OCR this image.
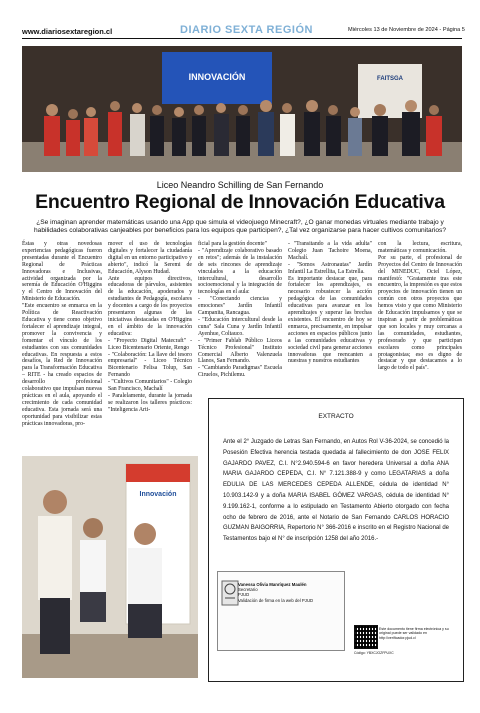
www.diariosextaregion.cl	DIARIO SEXTA REGIÓN	Miércoles 13 de Noviembre de 2024 - Página 5
INNOVACIÓN	FAITSGA
Liceo Neandro Schilling de San Fernando
Encuentro Regional de Innovación Educativa
¿Se imaginan aprender matemáticas usando una App que simula el videojuego Minecraft?, ¿O ganar monedas virtuales mediante trabajo y habilidades colaborativas canjeables por beneficios para los equipos que participen?, ¿Tal vez organizarse para hacer cultivos comunitarios?

Éstas y otras novedosas experiencias pedagógicas fueron presentadas durante el Encuentro Regional de Prácticas Innovadoras e Inclusivas, actividad organizada por la seremía de Educación O'Higgins y el Centro de Innovación del Ministerio de Educación.
"Este encuentro se enmarca en la Política de Reactivación Educativa y tiene como objetivo fortalecer el aprendizaje integral, promover la convivencia y fomentar el vínculo de los estudiantes con sus comunidades educativas. En respuesta a estos desafíos, la Red de Innovación para la Transformación Educativa – RITE - ha creado espacios de desarrollo profesional colaborativo que impulsan nuevas prácticas en el aula, apoyando el crecimiento de cada comunidad educativa. Esta jornada será una oportunidad para visibilizar estas prácticas innovadoras, pro-

mover el uso de tecnologías digitales y fortalecer la ciudadanía digital en un entorno participativo y abierto", indicó la Seremi de Educación, Alyson Hudad.
Ante equipos directivos, educadoras de párvulos, asistentes de la educación, apoderados y estudiantes de Pedagogía, escolares y docentes a cargo de los proyectos presentaron algunas de las iniciativas destacadas en O'Higgins en el ámbito de la innovación educativa:
- "Proyecto Digital Matecraft" - Liceo Bicentenario Oriente, Rengo
- "Colaboración: La llave del tesoro empresarial" - Liceo Técnico Bicentenario Felisa Tolup, San Fernando
- "Cultivos Comunitarios" - Colegio San Francisco, Machalí
- Paralelamente, durante la jornada se realizaron los talleres prácticos: "Inteligencia Arti-

ficial para la gestión docente"
- "Aprendizaje colaborativo basado en retos"; además de la instalación de seis rincones de aprendizaje vinculados a la educación intercultural, desarrollo socioemocional y la integración de tecnologías en el aula:
- "Conectando ciencias y emociones" Jardín Infantil Campanita, Rancagua.
- "Educación intercultural desde la cuna" Sala Cuna y Jardín Infantil Ayenhue, Coltauco.
- "Primer Fablab Público Liceos Técnico Profesional" Instituto Comercial Alberto Valenzuela Llanos, San Fernando.
- "Cambiando Paradigmas" Escuela Ciruelos, Pichilemu.

- "Transitando a la vida adulta" Colegio Juan Tachoire Moena, Machalí.
- "Somos Astronautas" Jardín Infantil La Estrellita, La Estrella.
Es importante destacar que, para fortalecer los aprendizajes, es necesario robustecer la acción pedagógica de las comunidades educativas para avanzar en los aprendizajes y superar las brechas existentes. El encuentro de hoy se enmarca, precisamente, en impulsar acciones en espacios públicos junto a las comunidades educativas y sociedad civil para generar acciones innovadoras que reencanten a nuestras y nuestros estudiantes

con la lectura, escritura, matemáticas y comunicación.
Por su parte, el profesional de Proyectos del Centro de Innovación del MINEDUC, Ociel López, manifestó: "Gratamente tras este encuentro, la impresión es que estos proyectos de innovación tienen un común con otros proyectos que hemos visto y que como Ministerio de Educación impulsamos y que se inspiran a partir de problemáticas que son locales y muy cercanas a las comunidades, estudiantes, profesorado y que participan escolares como principales protagonistas; eso es digno de destacar y que destacamos a lo largo de todo el país".

Innovación
EXTRACTO
Ante el 2° Juzgado de Letras San Fernando, en Autos Rol V-36-2024, se concedió la Posesión Efectiva herencia testada quedada al fallecimiento de don JOSE FELIX GAJARDO PAVEZ, C.I. N°2.940.594-6 en favor heredera Universal a doña ANA MARIA GAJARDO CEPEDA, C.I. N° 7.121.388-9 y como LEGATARIAS a doña EDULIA DE LAS MERCEDES CEPEDA ALLENDE, cédula de identidad N° 10.903.142-9 y a doña MARIA ISABEL GÓMEZ VARGAS, cédula de identidad N° 9.199.162-1, conforme a lo estipulado en Testamento Abierto otorgado con fecha ocho de febrero de 2016, ante el Notario de San Fernando CARLOS HORACIO GUZMAN BAIGORRIA, Repertorio N° 366-2016 e inscrito en el Registro Nacional de Testamentos bajo el N° de inscripción 1258 del año 2016.-
Vanessa Olivia Manríquez Maulén
Secretario
PJUD
Validación de firma en la web del PJUD
Este documento tiene firma electrónica y su original puede ser validado en http://verificador.pjud.cl
Código: YBXCJOZFPUXC
